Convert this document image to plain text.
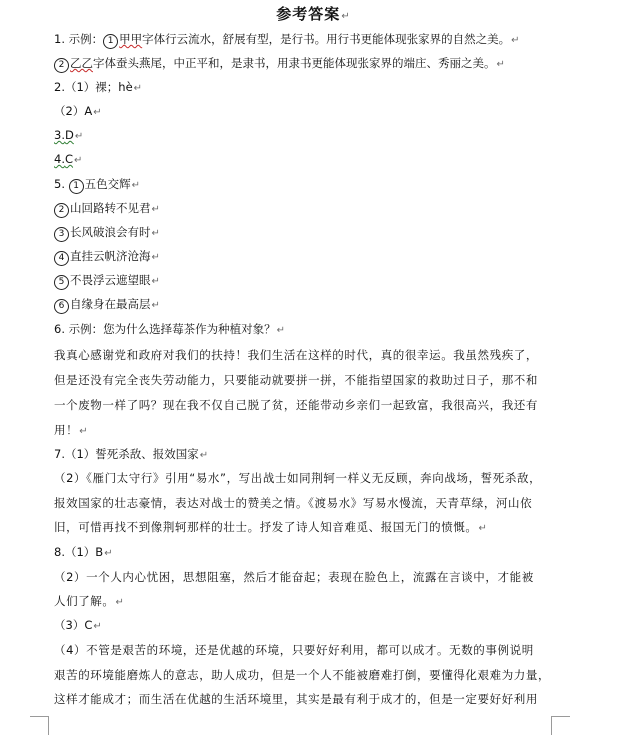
参考答案↵
1. 示例： 1 甲甲字体行云流水，舒展有型，是行书。用行书更能体现张家界的自然之美。↵
2 乙乙字体蚕头燕尾，中正平和，是隶书，用隶书更能体现张家界的端庄、秀丽之美。↵
2.（1）裸；hè↵
（2）A↵
3.D↵
4.C↵
5. 1 五色交辉↵
2 山回路转不见君↵
3 长风破浪会有时↵
4 直挂云帆济沧海↵
5 不畏浮云遮望眼↵
6 自缘身在最高层↵
6. 示例：您为什么选择莓茶作为种植对象？↵
我真心感谢党和政府对我们的扶持！我们生活在这样的时代，真的很幸运。我虽然残疾了，
但是还没有完全丧失劳动能力，只要能动就要拼一拼，不能指望国家的救助过日子，那不和
一个废物一样了吗？现在我不仅自己脱了贫，还能带动乡亲们一起致富，我很高兴，我还有
用！↵
7.（1）誓死杀敌、报效国家↵
（2）《雁门太守行》引用“易水”，写出战士如同荆轲一样义无反顾，奔向战场，誓死杀敌，
报效国家的壮志豪情，表达对战士的赞美之情。《渡易水》写易水慢流，天青草绿，河山依
旧，可惜再找不到像荆轲那样的壮士。抒发了诗人知音难觅、报国无门的愤慨。↵
8.（1）B↵
（2）一个人内心忧困，思想阻塞，然后才能奋起；表现在脸色上，流露在言谈中，才能被
人们了解。↵
（3）C↵
（4）不管是艰苦的环境，还是优越的环境，只要好好利用，都可以成才。无数的事例说明
艰苦的环境能磨炼人的意志，助人成功，但是一个人不能被磨难打倒，要懂得化艰难为力量，
这样才能成才；而生活在优越的生活环境里，其实是最有利于成才的，但是一定要好好利用
